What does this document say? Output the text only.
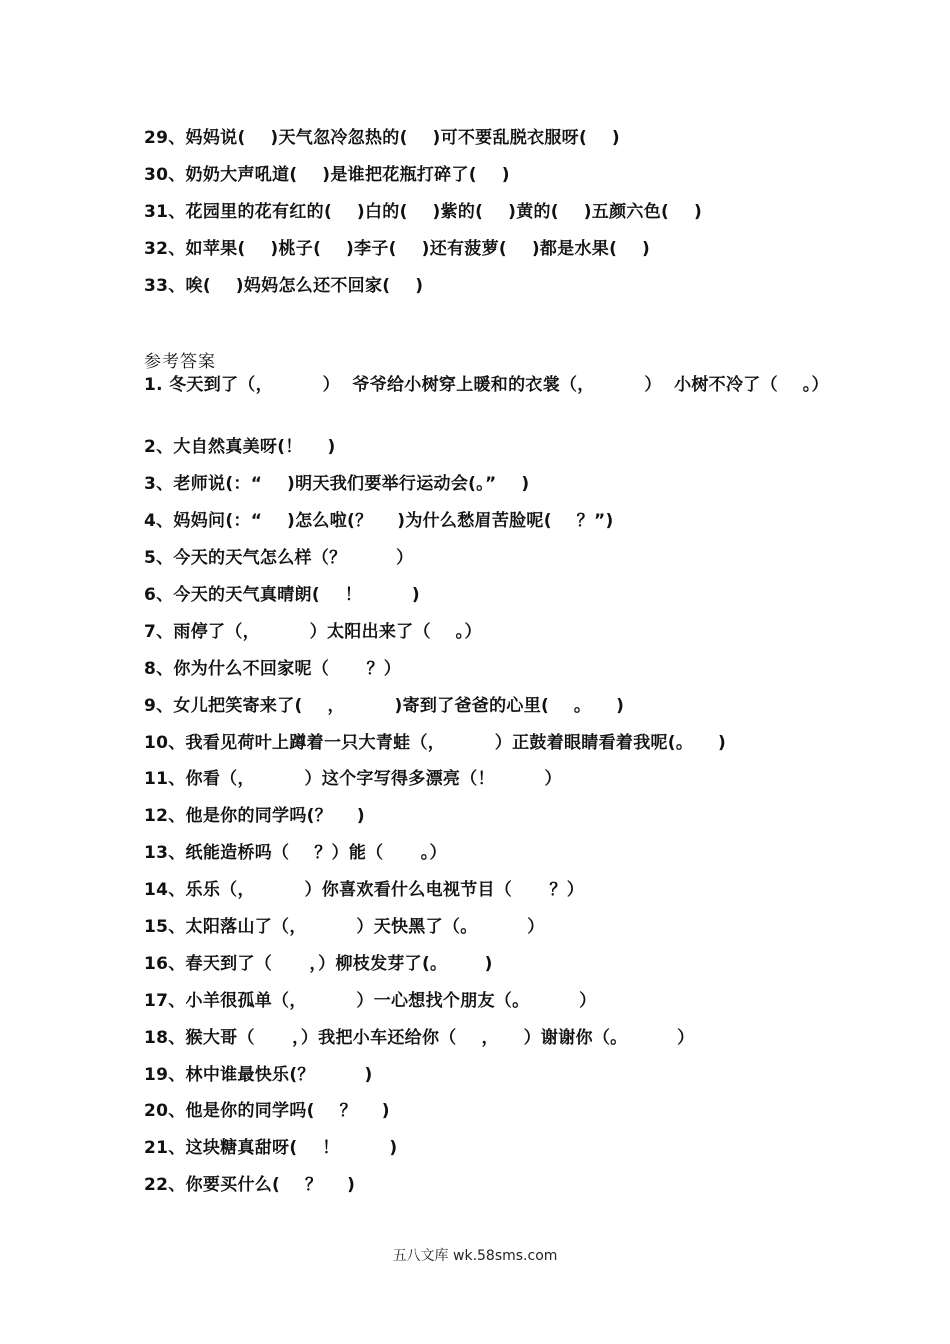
29、妈妈说(    )天气忽冷忽热的(    )可不要乱脱衣服呀(    )
30、奶奶大声吼道(    )是谁把花瓶打碎了(    )
31、花园里的花有红的(    )白的(    )紫的(    )黄的(    )五颜六色(    )
32、如苹果(    )桃子(    )李子(    )还有菠萝(    )都是水果(    )
33、唉(    )妈妈怎么还不回家(    )
参考答案
1. 冬天到了（，        ）  爷爷给小树穿上暖和的衣裳（，        ）  小树不冷了（    。）
2、大自然真美呀(！    )
3、老师说(：“    )明天我们要举行运动会(。”    )
4、妈妈问(：“    )怎么啦(？    )为什么愁眉苦脸呢(    ？”)
5、今天的天气怎么样（？        ）
6、今天的天气真晴朗(    ！        )
7、雨停了（，        ）太阳出来了（    。）
8、你为什么不回家呢（      ？）
9、女儿把笑寄来了(    ，        )寄到了爸爸的心里(    。    )
10、我看见荷叶上蹲着一只大青蛙（，        ）正鼓着眼睛看着我呢(。    )
11、你看（，        ）这个字写得多漂亮（！        ）
12、他是你的同学吗(？    )
13、纸能造桥吗（    ？）能（      。）
14、乐乐（，        ）你喜欢看什么电视节目（      ？）
15、太阳落山了（，        ）天快黑了（。        ）
16、春天到了（      ，）柳枝发芽了(。      )
17、小羊很孤单（，        ）一心想找个朋友（。        ）
18、猴大哥（      ，）我把小车还给你（    ，    ）谢谢你（。        ）
19、林中谁最快乐(？        )
20、他是你的同学吗(    ？    )
21、这块糖真甜呀(    ！        )
22、你要买什么(    ？    )
五八文库 wk.58sms.com
